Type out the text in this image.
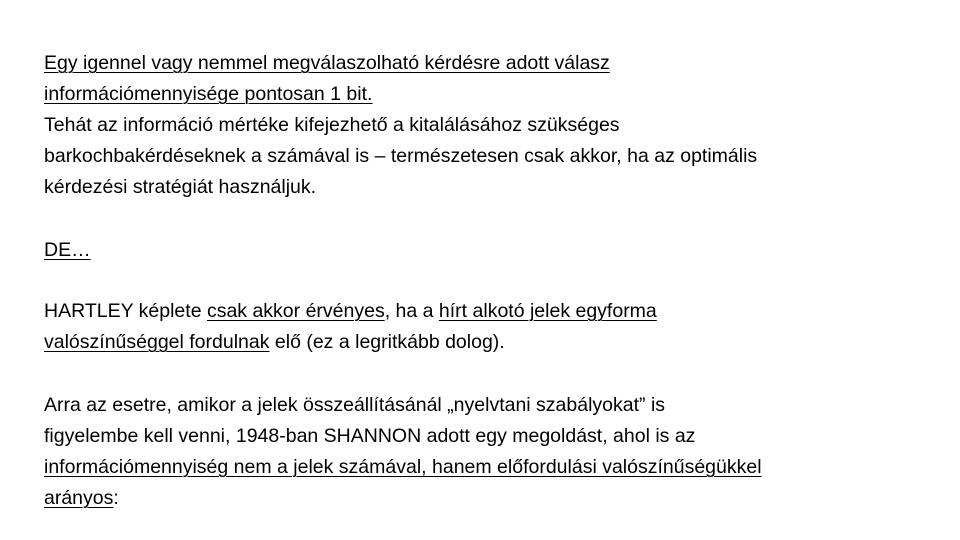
Egy igennel vagy nemmel megválaszolható kérdésre adott válasz
információmennyisége pontosan 1 bit.
Tehát az információ mértéke kifejezhető a kitalálásához szükséges
barkochbakérdéseknek a számával is – természetesen csak akkor, ha az optimális
kérdezési stratégiát használjuk.
DE…
HARTLEY képlete csak akkor érvényes, ha a hírt alkotó jelek egyforma
valószínűséggel fordulnak elő (ez a legritkább dolog).
Arra az esetre, amikor a jelek összeállításánál „nyelvtani szabályokat” is
figyelembe kell venni, 1948-ban SHANNON adott egy megoldást, ahol is az
információmennyiség nem a jelek számával, hanem előfordulási valószínűségükkel
arányos:
